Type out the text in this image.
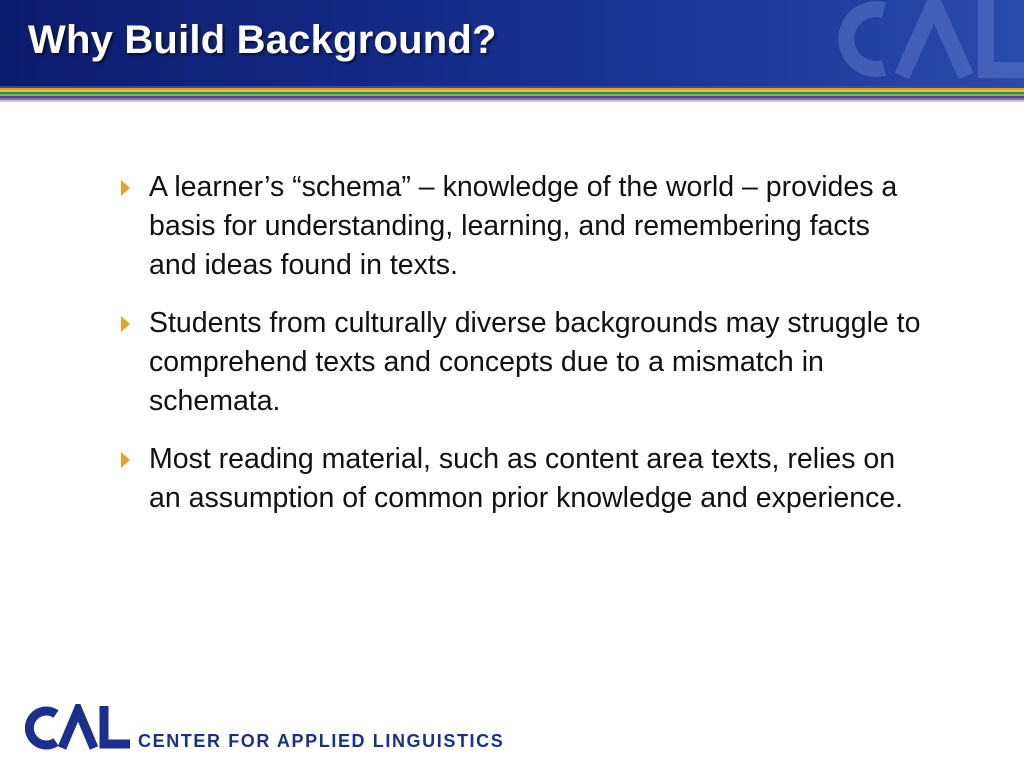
Why Build Background?
A learner’s “schema” – knowledge of the world – provides a basis for understanding, learning, and remembering facts and ideas found in texts.
Students from culturally diverse backgrounds may struggle to comprehend texts and concepts due to a mismatch in schemata.
Most reading material, such as content area texts, relies on an assumption of common prior knowledge and experience.
CENTER FOR APPLIED LINGUISTICS
